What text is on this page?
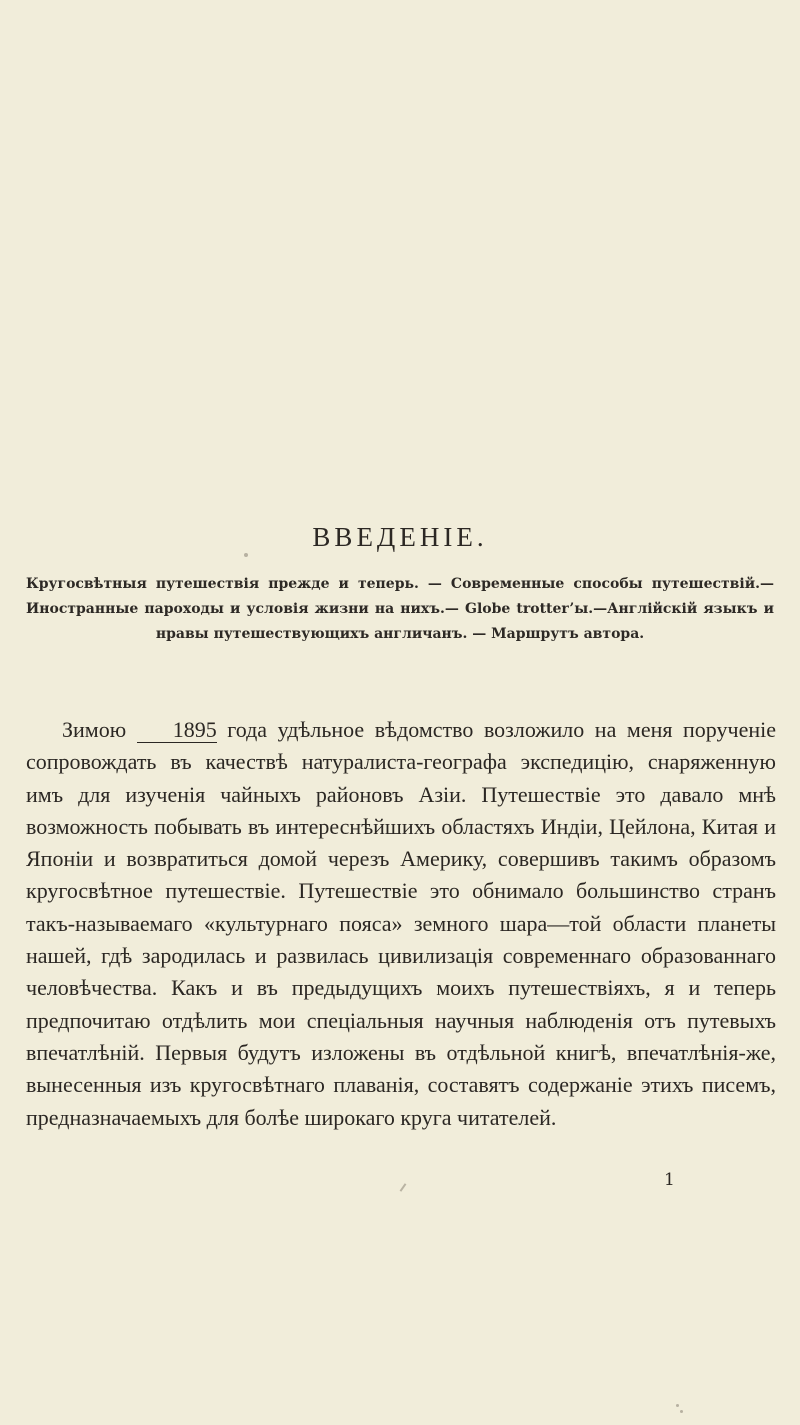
ВВЕДЕНIЕ.
Кругосвѣтныя путешествiя прежде и теперь. — Современные способы путешествiй.—Иностранные пароходы и условiя жизни на нихъ.— Globe trotter’ы.—Англiйскiй языкъ и нравы путешествующихъ англичанъ. — Маршрутъ автора.

Зимою 1895 года удѣльное вѣдомство возложило на меня порученiе сопровождать въ качествѣ натуралиста-географа экспедицiю, снаряженную имъ для изученiя чайныхъ районовъ Азiи. Путешествiе это давало мнѣ возможность побывать въ интереснѣйшихъ областяхъ Индiи, Цейлона, Китая и Японiи и возвратиться домой черезъ Америку, совершивъ такимъ образомъ кругосвѣтное путешествiе. Путешествiе это обнимало большинство странъ такъ-называемаго «культурнаго пояса» земного шара—той области планеты нашей, гдѣ зародилась и развилась цивилизацiя современнаго образованнаго человѣчества. Какъ и въ предыдущихъ моихъ путешествiяхъ, я и теперь предпочитаю отдѣлить мои спецiальныя научныя наблюденiя отъ путевыхъ впечатлѣнiй. Первыя будутъ изложены въ отдѣльной книгѣ, впечатлѣнiя-же, вынесенныя изъ кругосвѣтнаго плаванiя, составятъ содержанiе этихъ писемъ, предназначаемыхъ для болѣе широкаго круга читателей.

1
